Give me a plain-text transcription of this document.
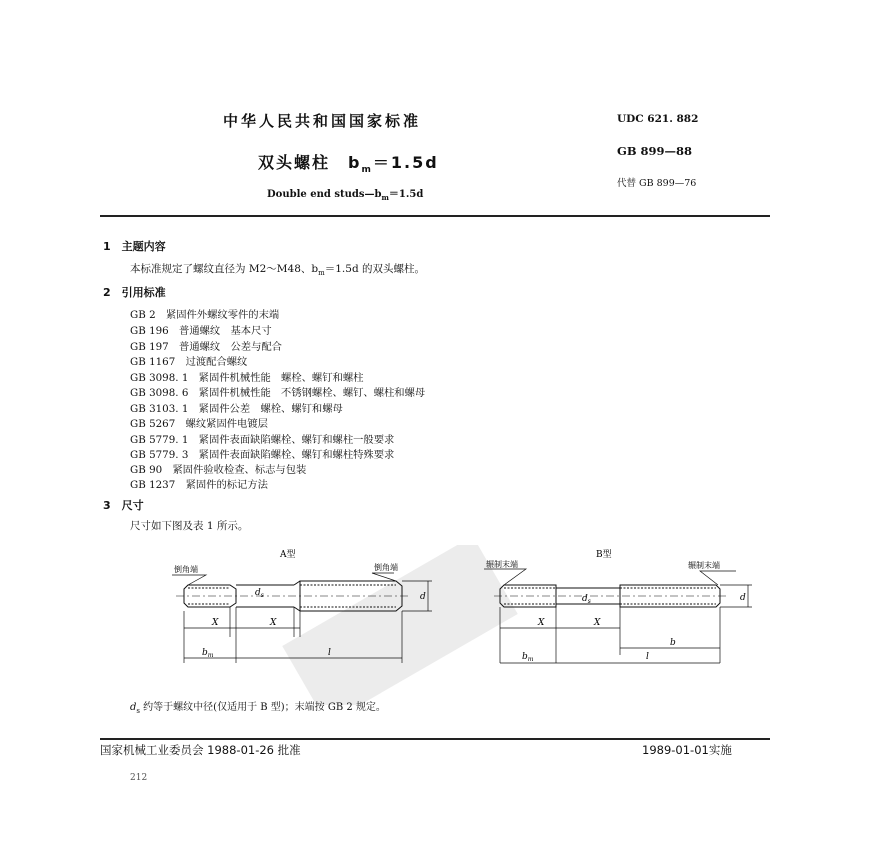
中华人民共和国国家标准
双头螺柱　$b_m=1.5d$
Double end $studs—b_m=1.5d$
UDC 621. 882
GB 899—88
代替 GB 899—76
1　 主题内容
本标准规定了螺纹直径为 M2～M48、$b_m=1.5d$ 的双头螺柱。
2　 引用标准
GB 2　紧固件外螺纹零件的末端
GB 196　普通螺纹　基本尺寸
GB 197　普通螺纹　公差与配合
GB 1167　过渡配合螺纹
GB 3098. 1　紧固件机械性能　螺栓、螺钉和螺柱
GB 3098. 6　紧固件机械性能　不锈钢螺栓、螺钉、螺柱和螺母
GB 3103. 1　紧固件公差　螺栓、螺钉和螺母
GB 5267　螺纹紧固件电镀层
GB 5779. 1　紧固件表面缺陷螺栓、螺钉和螺柱一般要求
GB 5779. 3　紧固件表面缺陷螺栓、螺钉和螺柱特殊要求
GB 90　紧固件验收检查、标志与包装
GB 1237　紧固件的标记方法
3　 尺寸
尺寸如下图及表 1 所示。
A型
倒角端	倒角端
X	X
$d_s$	d
$b_m$	l
B型
辗制末端	辗制末端
X	X
$d_s$	d
b
$b_m$	l
$d_s$ 约等于螺纹中径(仅适用于 B 型)；末端按 GB 2 规定。
国家机械工业委员会 1988-01-26 批准	1989-01-01实施
212
